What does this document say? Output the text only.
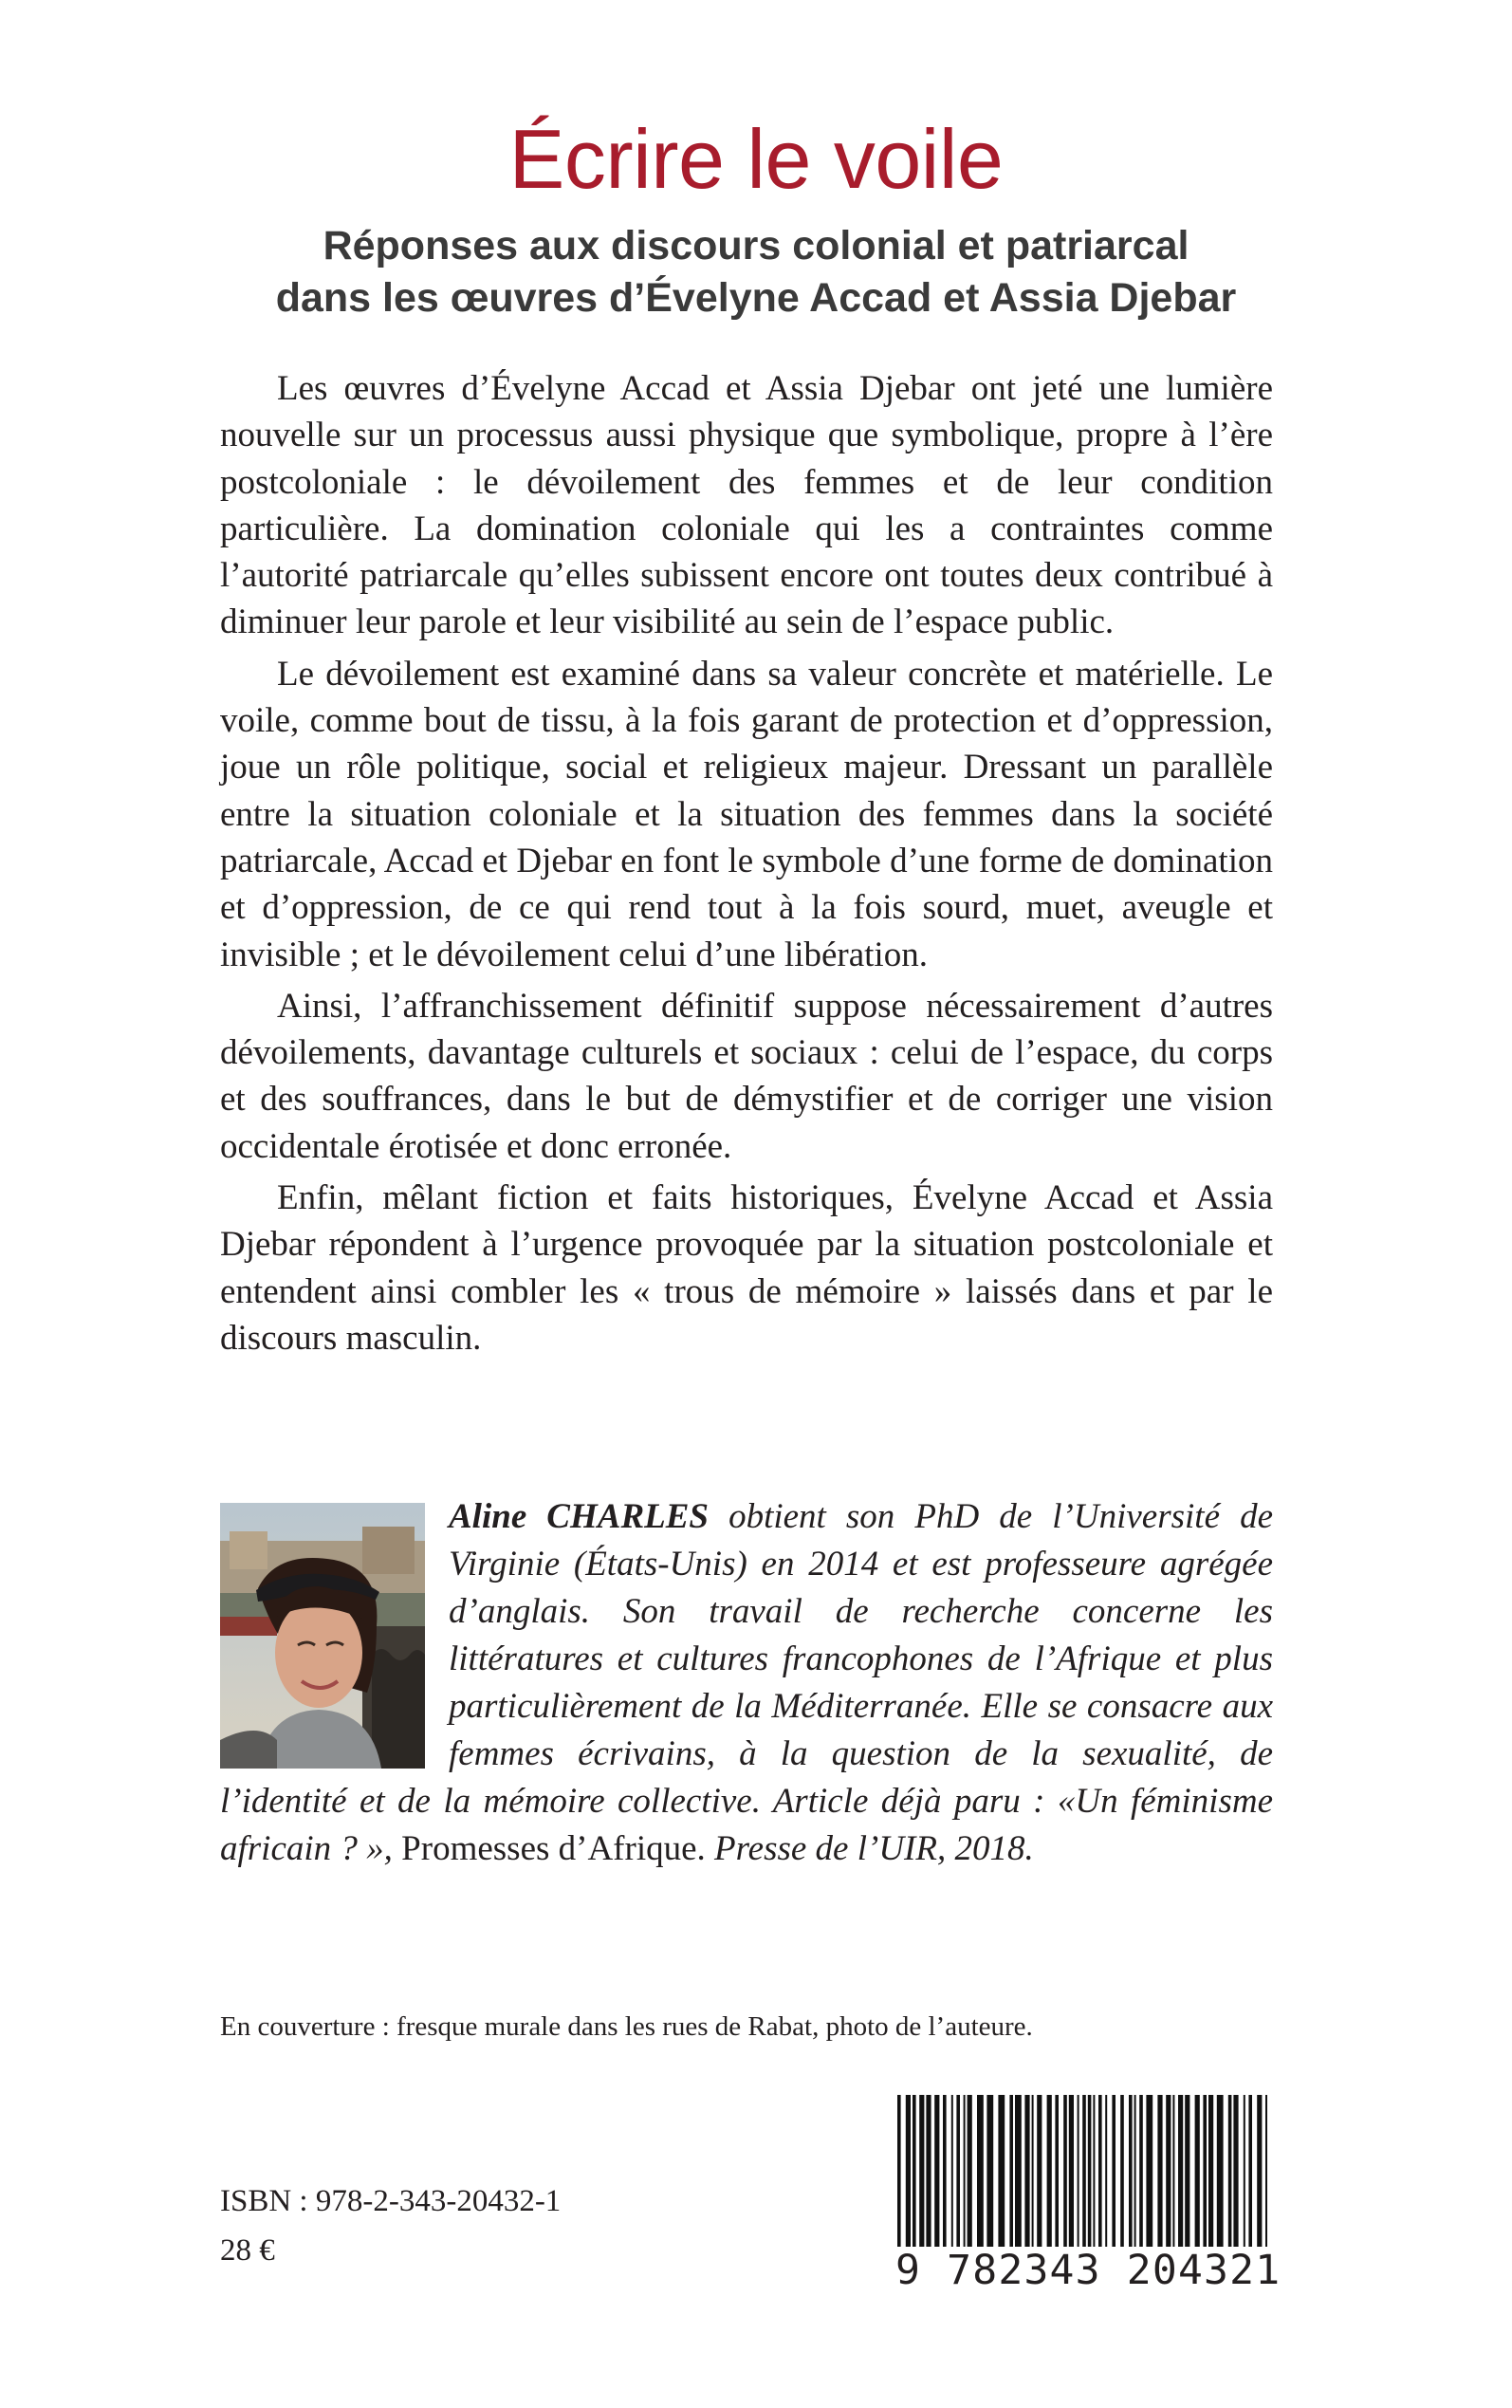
Écrire le voile
Réponses aux discours colonial et patriarcal
dans les œuvres d’Évelyne Accad et Assia Djebar

Les œuvres d’Évelyne Accad et Assia Djebar ont jeté une lumière nouvelle sur un processus aussi physique que symbolique, propre à l’ère postcoloniale : le dévoilement des femmes et de leur condition particulière. La domination coloniale qui les a contraintes comme l’autorité patriarcale qu’elles subissent encore ont toutes deux contribué à diminuer leur parole et leur visibilité au sein de l’espace public.

Le dévoilement est examiné dans sa valeur concrète et matérielle. Le voile, comme bout de tissu, à la fois garant de protection et d’oppression, joue un rôle politique, social et religieux majeur. Dressant un parallèle entre la situation coloniale et la situation des femmes dans la société patriarcale, Accad et Djebar en font le symbole d’une forme de domination et d’oppression, de ce qui rend tout à la fois sourd, muet, aveugle et invisible ; et le dévoilement celui d’une libération.

Ainsi, l’affranchissement définitif suppose nécessairement d’autres dévoilements, davantage culturels et sociaux : celui de l’espace, du corps et des souffrances, dans le but de démystifier et de corriger une vision occidentale érotisée et donc erronée.

Enfin, mêlant fiction et faits historiques, Évelyne Accad et Assia Djebar répondent à l’urgence provoquée par la situation postcoloniale et entendent ainsi combler les « trous de mémoire » laissés dans et par le discours masculin.

Aline CHARLES obtient son PhD de l’Université de Virginie (États-Unis) en 2014 et est professeure agrégée d’anglais. Son travail de recherche concerne les littératures et cultures francophones de l’Afrique et plus particulièrement de la Méditerranée. Elle se consacre aux femmes écrivains, à la question de la sexualité, de l’identité et de la mémoire collective. Article déjà paru : «Un féminisme africain ? », Promesses d’Afrique. Presse de l’UIR, 2018.
En couverture : fresque murale dans les rues de Rabat, photo de l’auteure.
ISBN : 978-2-343-20432-1
28 €	9 782343 204321
